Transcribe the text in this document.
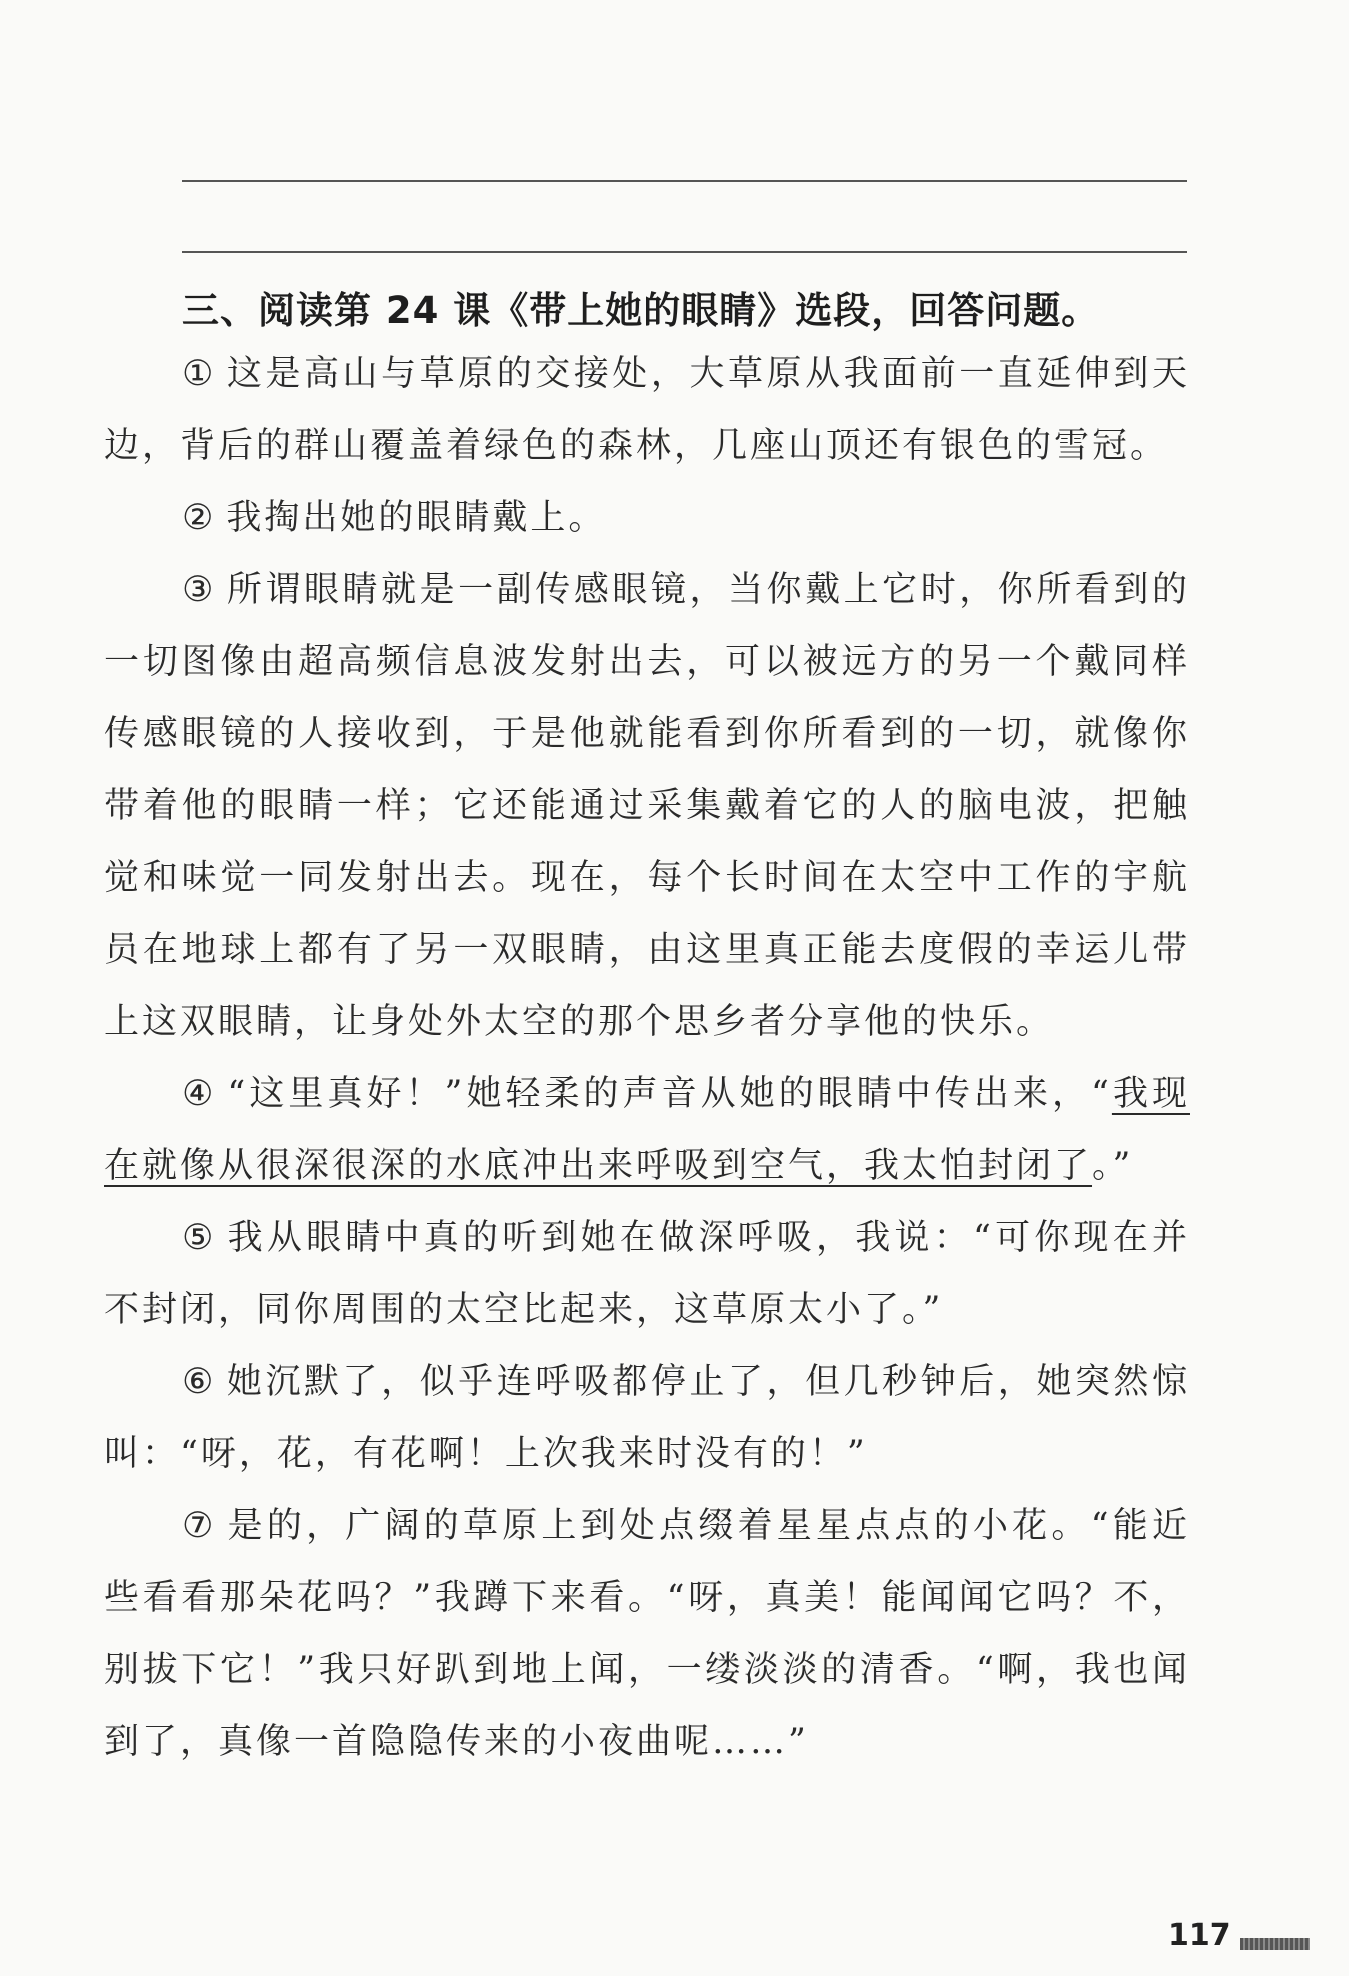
三、阅读第 24 课《带上她的眼睛》选段，回答问题。

① 这是高山与草原的交接处，大草原从我面前一直延伸到天边，背后的群山覆盖着绿色的森林，几座山顶还有银色的雪冠。

② 我掏出她的眼睛戴上。

③ 所谓眼睛就是一副传感眼镜，当你戴上它时，你所看到的一切图像由超高频信息波发射出去，可以被远方的另一个戴同样传感眼镜的人接收到，于是他就能看到你所看到的一切，就像你带着他的眼睛一样；它还能通过采集戴着它的人的脑电波，把触觉和味觉一同发射出去。现在，每个长时间在太空中工作的宇航员在地球上都有了另一双眼睛，由这里真正能去度假的幸运儿带上这双眼睛，让身处外太空的那个思乡者分享他的快乐。

④ “这里真好！”她轻柔的声音从她的眼睛中传出来，“我现在就像从很深很深的水底冲出来呼吸到空气，我太怕封闭了。”

⑤ 我从眼睛中真的听到她在做深呼吸，我说：“可你现在并不封闭，同你周围的太空比起来，这草原太小了。”

⑥ 她沉默了，似乎连呼吸都停止了，但几秒钟后，她突然惊叫：“呀，花，有花啊！上次我来时没有的！”

⑦ 是的，广阔的草原上到处点缀着星星点点的小花。“能近些看看那朵花吗？”我蹲下来看。“呀，真美！能闻闻它吗？不，别拔下它！”我只好趴到地上闻，一缕淡淡的清香。“啊，我也闻到了，真像一首隐隐传来的小夜曲呢……”

117
